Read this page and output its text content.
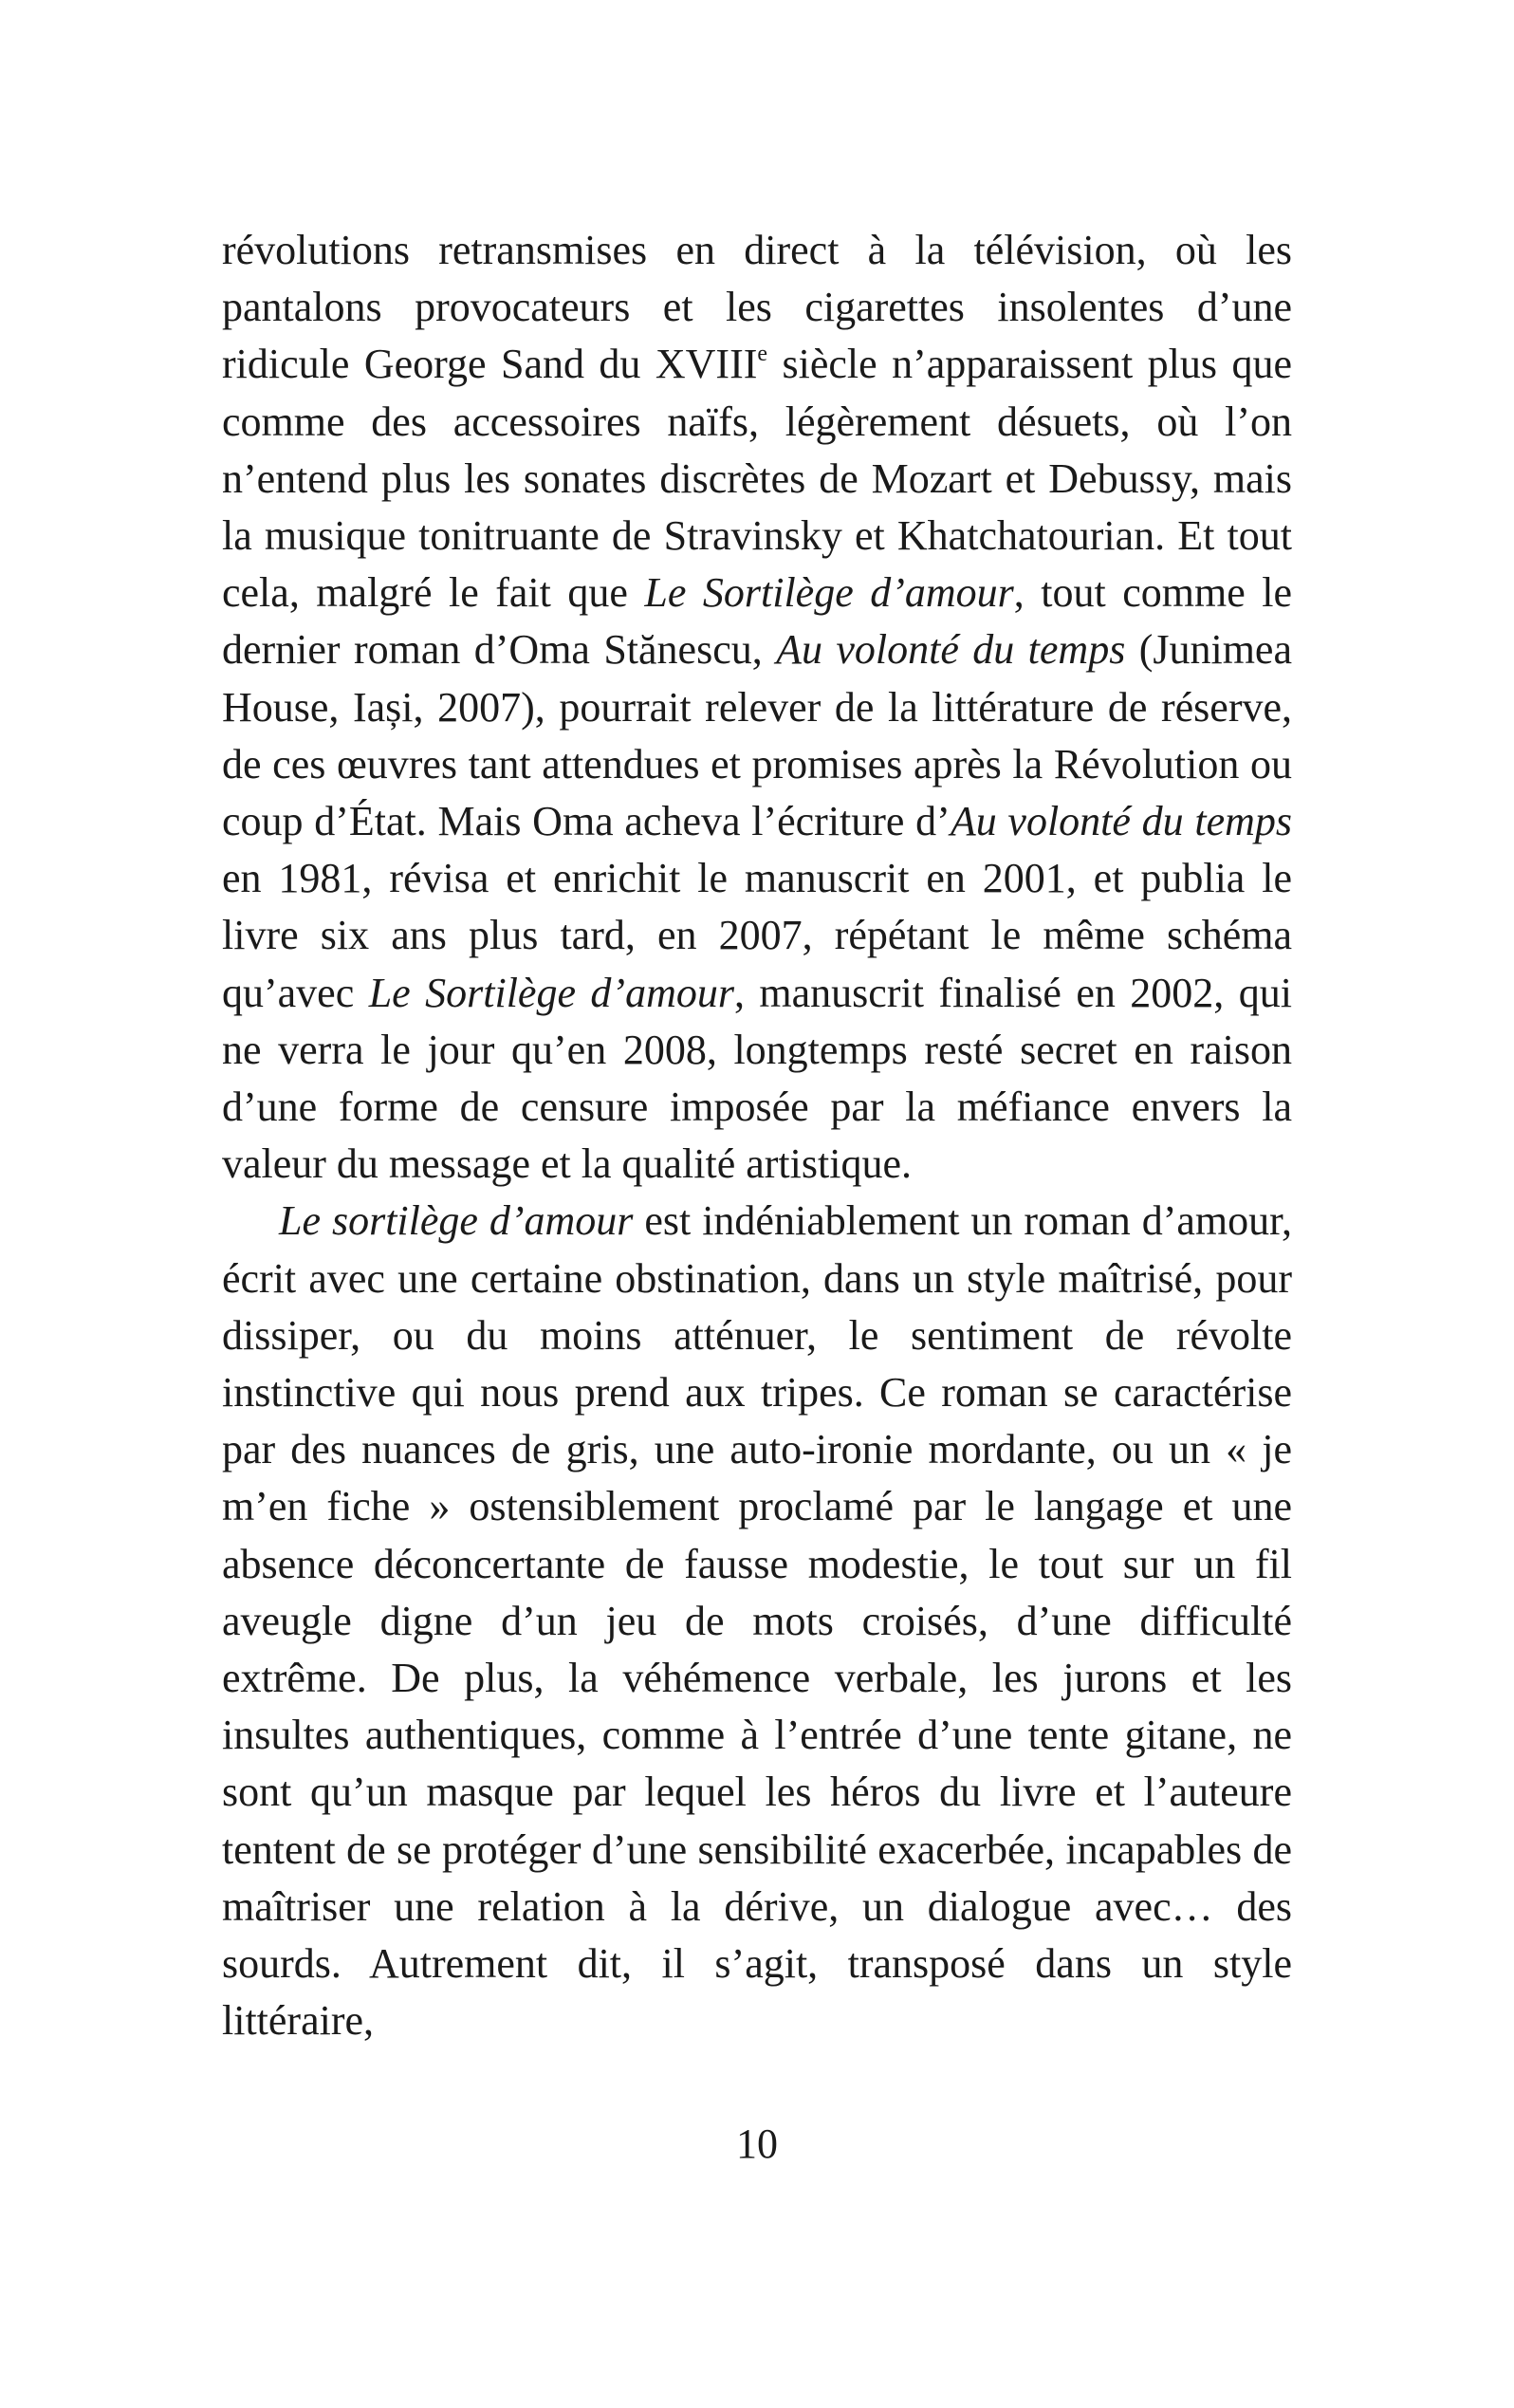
révolutions retransmises en direct à la télévision, où les pantalons provocateurs et les cigarettes insolentes d’une ridicule George Sand du XVIIIe siècle n’apparaissent plus que comme des accessoires naïfs, légèrement désuets, où l’on n’entend plus les sonates discrètes de Mozart et Debussy, mais la musique tonitruante de Stravinsky et Khatchatourian. Et tout cela, malgré le fait que Le Sortilège d’amour, tout comme le dernier roman d’Oma Stănescu, Au volonté du temps (Junimea House, Iași, 2007), pourrait relever de la littérature de réserve, de ces œuvres tant attendues et promises après la Révolution ou coup d’État. Mais Oma acheva l’écriture d’Au volonté du temps en 1981, révisa et enrichit le manuscrit en 2001, et publia le livre six ans plus tard, en 2007, répétant le même schéma qu’avec Le Sortilège d’amour, manuscrit finalisé en 2002, qui ne verra le jour qu’en 2008, longtemps resté secret en raison d’une forme de censure imposée par la méfiance envers la valeur du message et la qualité artistique.

Le sortilège d’amour est indéniablement un roman d’amour, écrit avec une certaine obstination, dans un style maîtrisé, pour dissiper, ou du moins atténuer, le sentiment de révolte instinctive qui nous prend aux tripes. Ce roman se caractérise par des nuances de gris, une auto-ironie mordante, ou un « je m’en fiche » ostensiblement proclamé par le langage et une absence déconcertante de fausse modestie, le tout sur un fil aveugle digne d’un jeu de mots croisés, d’une difficulté extrême. De plus, la véhémence verbale, les jurons et les insultes authentiques, comme à l’entrée d’une tente gitane, ne sont qu’un masque par lequel les héros du livre et l’auteure tentent de se protéger d’une sensibilité exacerbée, incapables de maîtriser une relation à la dérive, un dialogue avec… des sourds. Autrement dit, il s’agit, transposé dans un style littéraire,

10
